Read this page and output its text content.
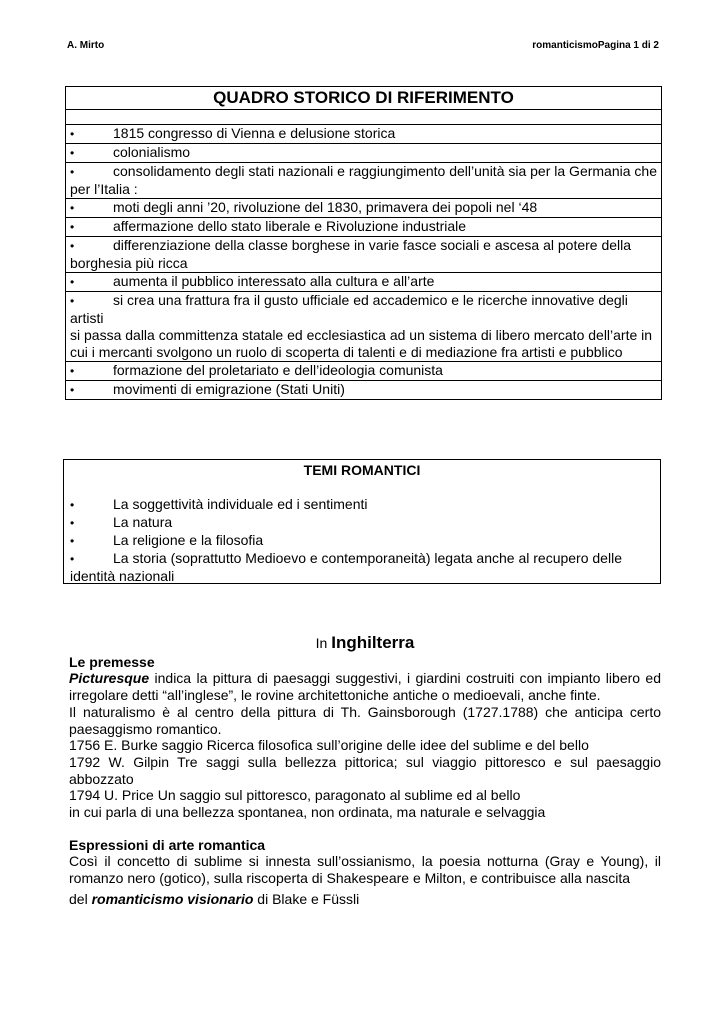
A. Mirto	romanticismoPagina 1 di 2
QUADRO STORICO DI RIFERIMENTO
•	1815 congresso di Vienna e delusione storica
•	colonialismo
•	consolidamento degli stati nazionali e raggiungimento dell’unità sia per la Germania che per l’Italia :
•	moti degli anni ’20, rivoluzione del 1830, primavera dei popoli nel ‘48
•	affermazione dello stato liberale e Rivoluzione industriale
•	differenziazione della classe borghese in varie fasce sociali e ascesa al potere della borghesia più ricca
•	aumenta il pubblico interessato alla cultura e all’arte
•	si crea una frattura fra il gusto ufficiale ed accademico e le ricerche innovative degli artisti
si passa dalla committenza statale ed ecclesiastica ad un sistema di libero mercato dell’arte in cui i mercanti svolgono un ruolo di scoperta di talenti e di mediazione fra artisti e pubblico
•	formazione del proletariato e dell’ideologia comunista
•	movimenti di emigrazione (Stati Uniti)
TEMI ROMANTICI
•	La soggettività individuale ed i sentimenti
•	La natura
•	La religione e la filosofia
•	La storia (soprattutto Medioevo e contemporaneità) legata anche al recupero delle identità nazionali
In Inghilterra
Le premesse
Picturesque indica la pittura di paesaggi suggestivi, i giardini costruiti con impianto libero ed irregolare detti “all’inglese”, le rovine architettoniche antiche o medioevali, anche finte.
Il naturalismo è al centro della pittura di Th. Gainsborough (1727.1788) che anticipa certo paesaggismo romantico.
1756 E. Burke saggio Ricerca filosofica sull’origine delle idee del sublime e del bello
1792 W. Gilpin Tre saggi sulla bellezza pittorica; sul viaggio pittoresco e sul paesaggio abbozzato
1794 U. Price Un saggio sul pittoresco, paragonato al sublime ed al bello
in cui parla di una bellezza spontanea, non ordinata, ma naturale e selvaggia
Espressioni di arte romantica
Così il concetto di sublime si innesta sull’ossianismo, la poesia notturna (Gray e Young), il romanzo nero (gotico), sulla riscoperta di Shakespeare e Milton, e contribuisce alla nascita
del romanticismo visionario di Blake e Füssli
